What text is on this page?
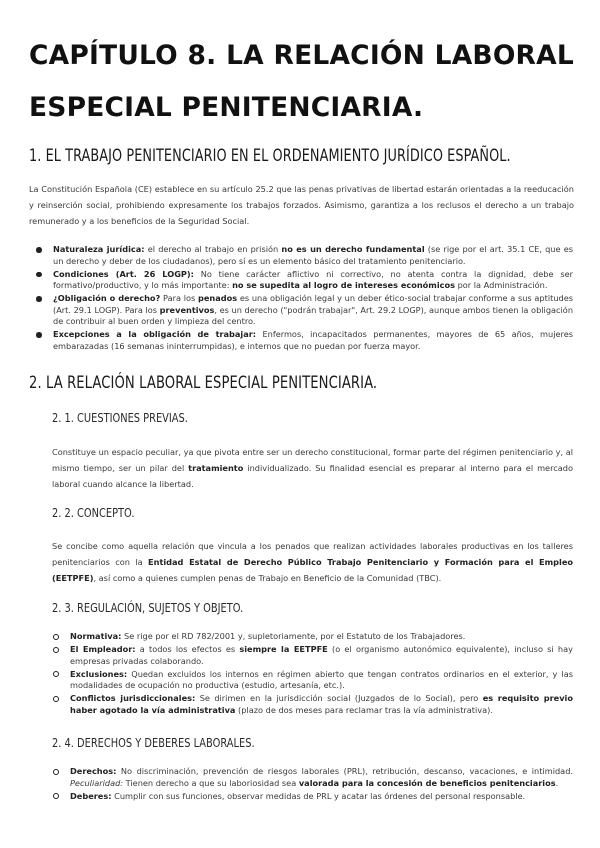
CAPÍTULO 8. LA RELACIÓN LABORAL
ESPECIAL PENITENCIARIA.
1. EL TRABAJO PENITENCIARIO EN EL ORDENAMIENTO JURÍDICO ESPAÑOL.

La Constitución Española (CE) establece en su artículo 25.2 que las penas privativas de libertad estarán orientadas a la reeducación y reinserción social, prohibiendo expresamente los trabajos forzados. Asimismo, garantiza a los reclusos el derecho a un trabajo remunerado y a los beneficios de la Seguridad Social.

Naturaleza jurídica: el derecho al trabajo en prisión no es un derecho fundamental (se rige por el art. 35.1 CE, que es un derecho y deber de los ciudadanos), pero sí es un elemento básico del tratamiento penitenciario.
Condiciones (Art. 26 LOGP): No tiene carácter aflictivo ni correctivo, no atenta contra la dignidad, debe ser formativo/productivo, y lo más importante: no se supedita al logro de intereses económicos por la Administración.
¿Obligación o derecho? Para los penados es una obligación legal y un deber ético-social trabajar conforme a sus aptitudes (Art. 29.1 LOGP). Para los preventivos, es un derecho ("podrán trabajar", Art. 29.2 LOGP), aunque ambos tienen la obligación de contribuir al buen orden y limpieza del centro.
Excepciones a la obligación de trabajar: Enfermos, incapacitados permanentes, mayores de 65 años, mujeres embarazadas (16 semanas ininterrumpidas), e internos que no puedan por fuerza mayor.
2. LA RELACIÓN LABORAL ESPECIAL PENITENCIARIA.
2. 1. CUESTIONES PREVIAS.

Constituye un espacio peculiar, ya que pivota entre ser un derecho constitucional, formar parte del régimen penitenciario y, al mismo tiempo, ser un pilar del tratamiento individualizado. Su finalidad esencial es preparar al interno para el mercado laboral cuando alcance la libertad.

2. 2. CONCEPTO.

Se concibe como aquella relación que vincula a los penados que realizan actividades laborales productivas en los talleres penitenciarios con la Entidad Estatal de Derecho Público Trabajo Penitenciario y Formación para el Empleo (EETPFE), así como a quienes cumplen penas de Trabajo en Beneficio de la Comunidad (TBC).

2. 3. REGULACIÓN, SUJETOS Y OBJETO.
Normativa: Se rige por el RD 782/2001 y, supletoriamente, por el Estatuto de los Trabajadores.
El Empleador: a todos los efectos es siempre la EETPFE (o el organismo autonómico equivalente), incluso si hay empresas privadas colaborando.
Exclusiones: Quedan excluidos los internos en régimen abierto que tengan contratos ordinarios en el exterior, y las modalidades de ocupación no productiva (estudio, artesanía, etc.).
Conflictos jurisdiccionales: Se dirimen en la jurisdicción social (Juzgados de lo Social), pero es requisito previo haber agotado la vía administrativa (plazo de dos meses para reclamar tras la vía administrativa).
2. 4. DERECHOS Y DEBERES LABORALES.
Derechos: No discriminación, prevención de riesgos laborales (PRL), retribución, descanso, vacaciones, e intimidad. Peculiaridad: Tienen derecho a que su laboriosidad sea valorada para la concesión de beneficios penitenciarios.
Deberes: Cumplir con sus funciones, observar medidas de PRL y acatar las órdenes del personal responsable.
